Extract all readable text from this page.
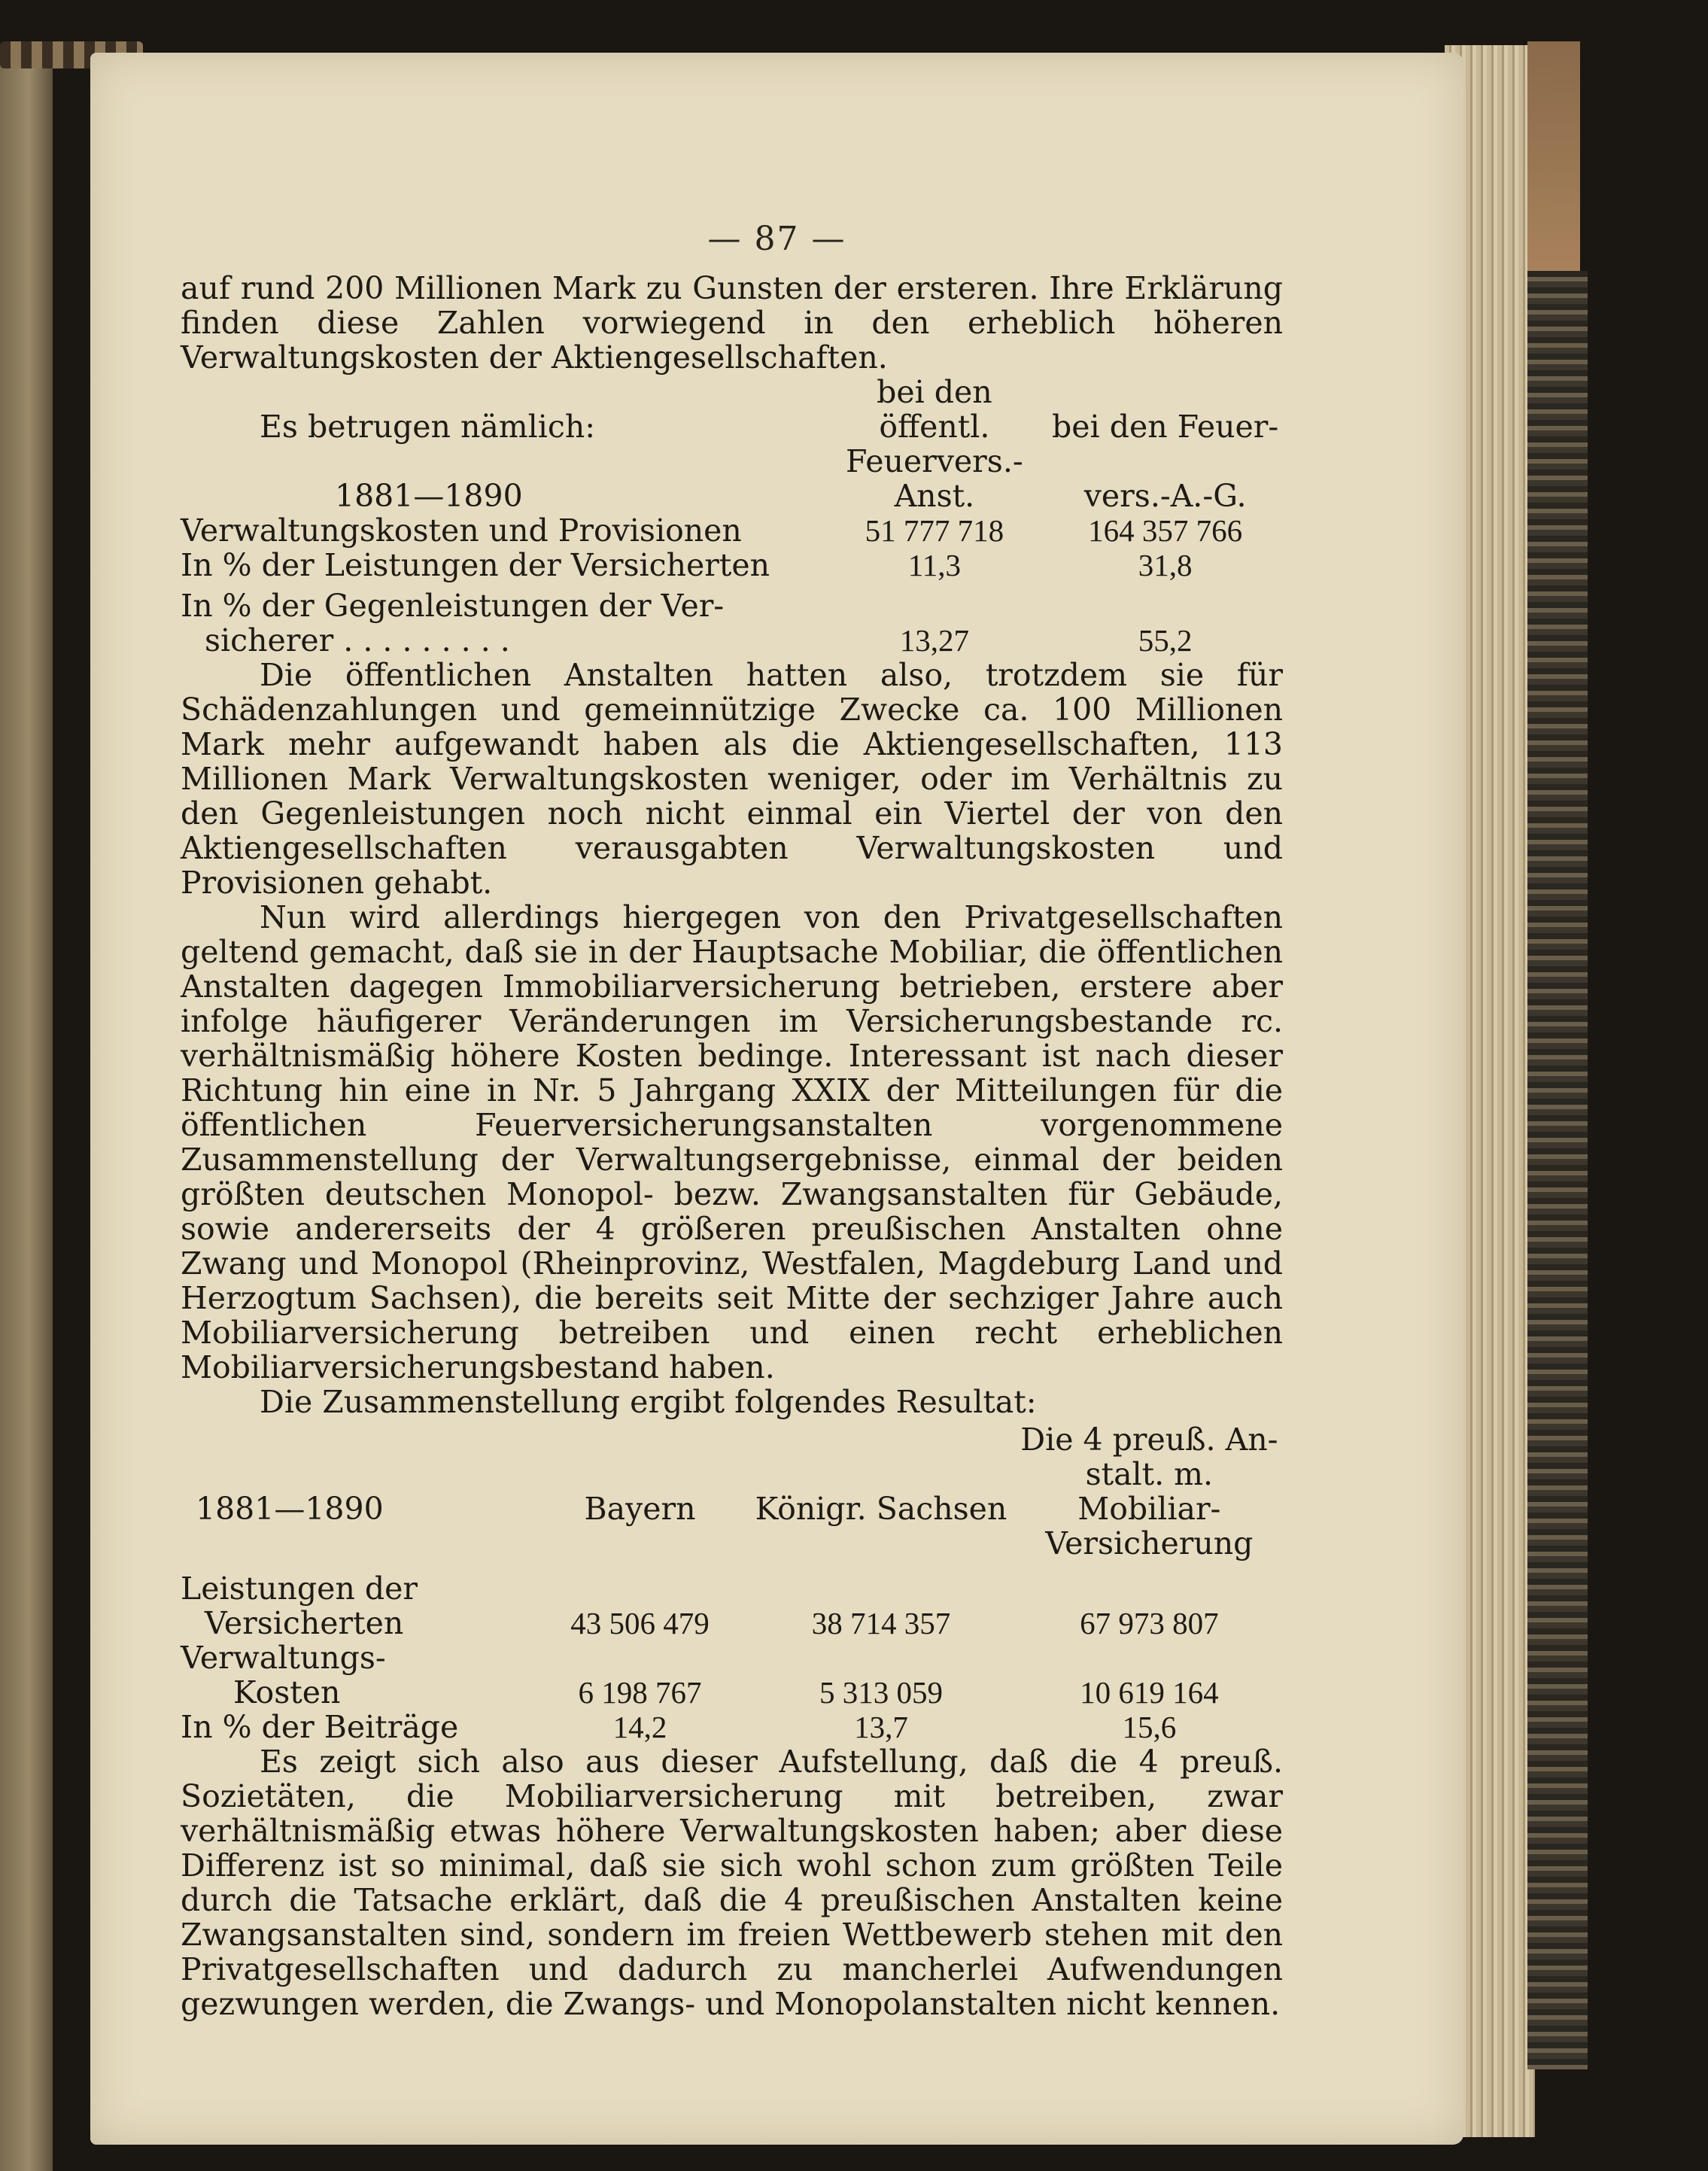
— 87 —

auf rund 200 Millionen Mark zu Gunsten der ersteren. Ihre Erklärung finden diese Zahlen vorwiegend in den erheblich höheren Verwaltungskosten der Aktiengesellschaften.

Es betrugen nämlich:	bei den öffentl.	bei den Feuer-
1881—1890	Feuervers.-Anst.	vers.-A.-G.
Verwaltungskosten und Provisionen	51 777 718	164 357 766
In % der Leistungen der Versicherten	11,3	31,8
In % der Gegenleistungen der Ver-		
sicherer . . . . . . . . .	13,27	55,2

Die öffentlichen Anstalten hatten also, trotzdem sie für Schädenzahlungen und gemeinnützige Zwecke ca. 100 Millionen Mark mehr aufgewandt haben als die Aktiengesellschaften, 113 Millionen Mark Verwaltungskosten weniger, oder im Verhältnis zu den Gegenleistungen noch nicht einmal ein Viertel der von den Aktiengesellschaften verausgabten Verwaltungskosten und Provisionen gehabt.

Nun wird allerdings hiergegen von den Privatgesellschaften geltend gemacht, daß sie in der Hauptsache Mobiliar, die öffentlichen Anstalten dagegen Immobiliarversicherung betrieben, erstere aber infolge häufigerer Veränderungen im Versicherungsbestande rc. verhältnismäßig höhere Kosten bedinge. Interessant ist nach dieser Richtung hin eine in Nr. 5 Jahrgang XXIX der Mitteilungen für die öffentlichen Feuerversicherungsanstalten vorgenommene Zusammenstellung der Verwaltungsergebnisse, einmal der beiden größten deutschen Monopol- bezw. Zwangsanstalten für Gebäude, sowie andererseits der 4 größeren preußischen Anstalten ohne Zwang und Monopol (Rheinprovinz, Westfalen, Magdeburg Land und Herzogtum Sachsen), die bereits seit Mitte der sechziger Jahre auch Mobiliarversicherung betreiben und einen recht erheblichen Mobiliarversicherungsbestand haben.

Die Zusammenstellung ergibt folgendes Resultat:

			Die 4 preuß. An-
1881—1890	Bayern	Königr. Sachsen	stalt. m. Mobiliar-
			Versicherung
Leistungen der			
Versicherten	43 506 479	38 714 357	67 973 807
Verwaltungs-			
Kosten	6 198 767	5 313 059	10 619 164
In % der Beiträge	14,2	13,7	15,6

Es zeigt sich also aus dieser Aufstellung, daß die 4 preuß. Sozietäten, die Mobiliarversicherung mit betreiben, zwar verhältnismäßig etwas höhere Verwaltungskosten haben; aber diese Differenz ist so minimal, daß sie sich wohl schon zum größten Teile durch die Tatsache erklärt, daß die 4 preußischen Anstalten keine Zwangsanstalten sind, sondern im freien Wettbewerb stehen mit den Privatgesellschaften und dadurch zu mancherlei Aufwendungen gezwungen werden, die Zwangs- und Monopolanstalten nicht kennen.
